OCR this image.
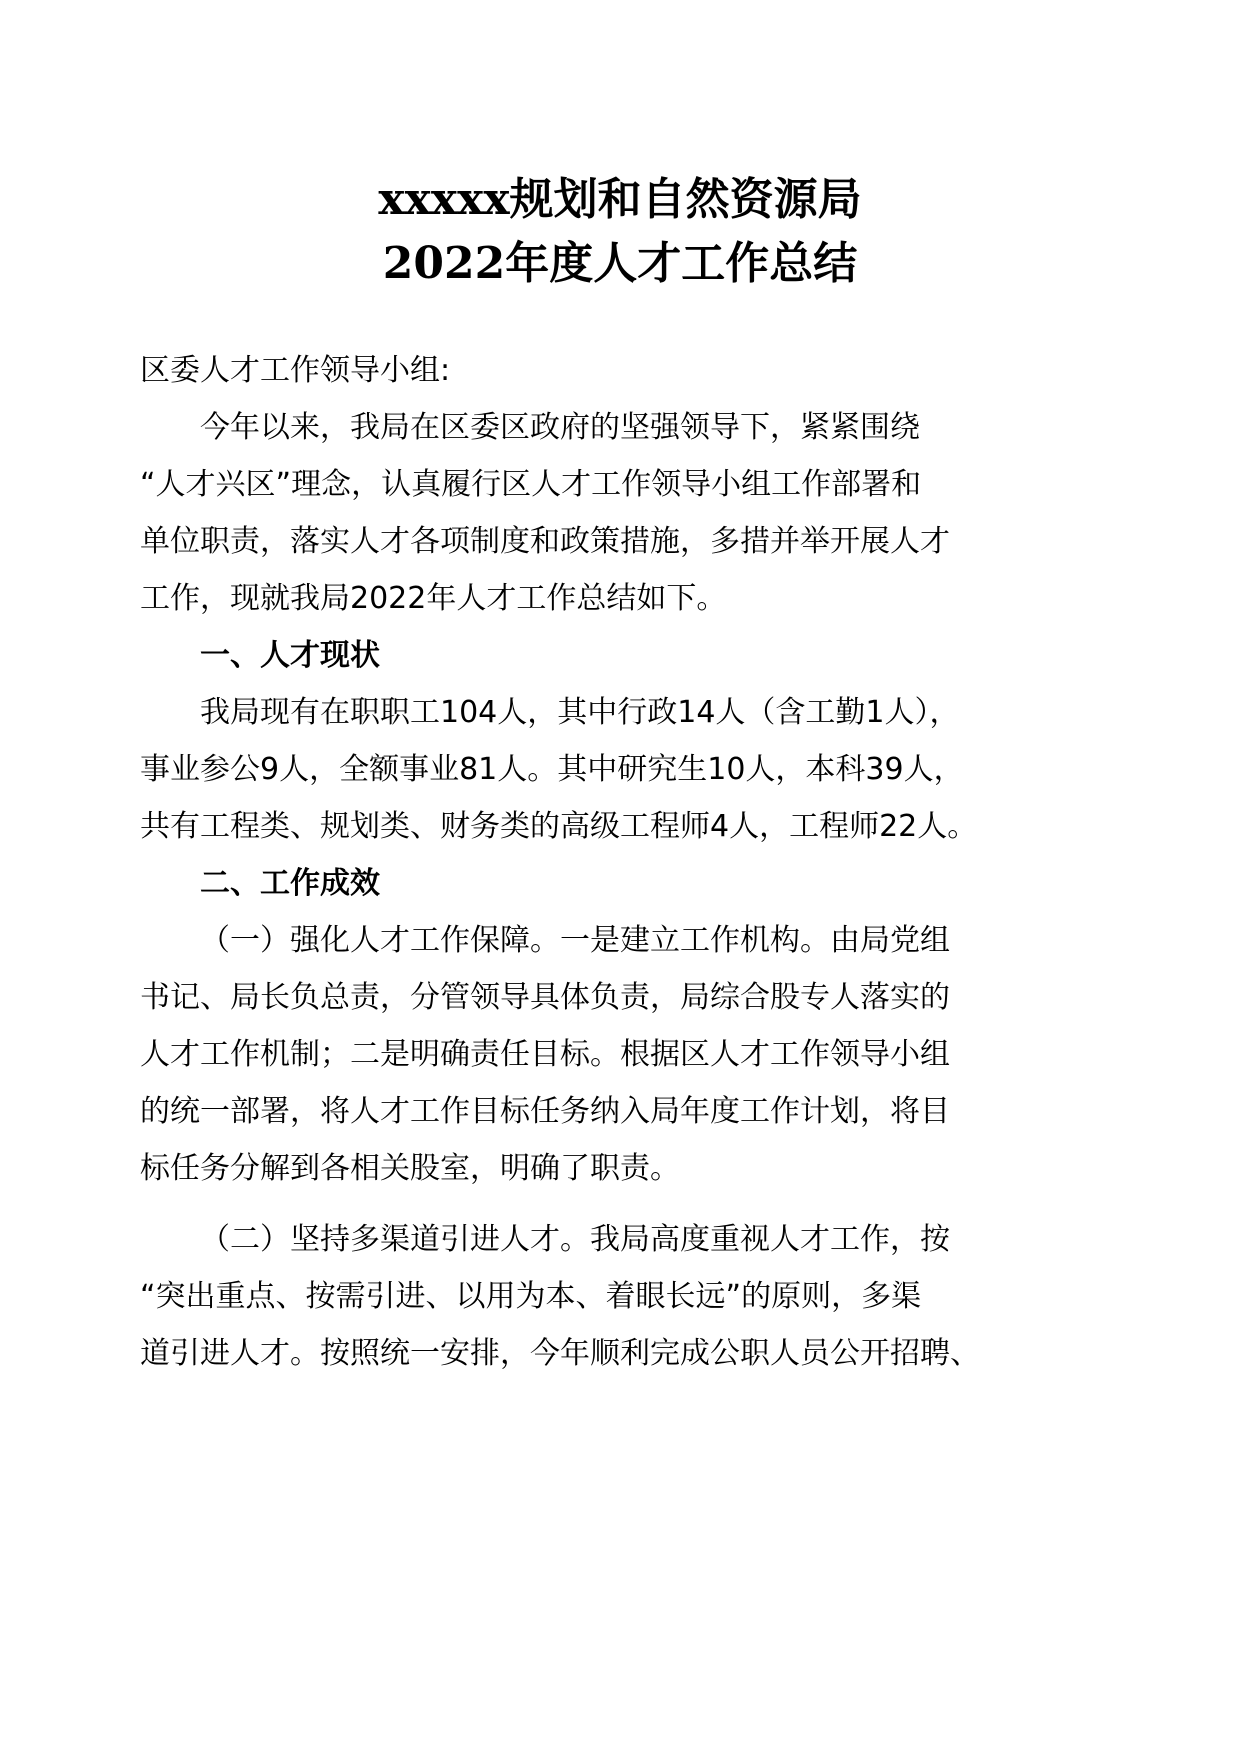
xxxxx规划和自然资源局
2022年度人才工作总结
区委人才工作领导小组:
今年以来，我局在区委区政府的坚强领导下，紧紧围绕
“人才兴区”理念，认真履行区人才工作领导小组工作部署和
单位职责，落实人才各项制度和政策措施，多措并举开展人才
工作，现就我局2022年人才工作总结如下。
一、人才现状
我局现有在职职工104人，其中行政14人（含工勤1人），
事业参公9人，全额事业81人。其中研究生10人，本科39人，
共有工程类、规划类、财务类的高级工程师4人，工程师22人。
二、工作成效
（一）强化人才工作保障。一是建立工作机构。由局党组
书记、局长负总责，分管领导具体负责，局综合股专人落实的
人才工作机制；二是明确责任目标。根据区人才工作领导小组
的统一部署，将人才工作目标任务纳入局年度工作计划，将目
标任务分解到各相关股室，明确了职责。
（二）坚持多渠道引进人才。我局高度重视人才工作，按
“突出重点、按需引进、以用为本、着眼长远”的原则，多渠
道引进人才。按照统一安排，今年顺利完成公职人员公开招聘、
